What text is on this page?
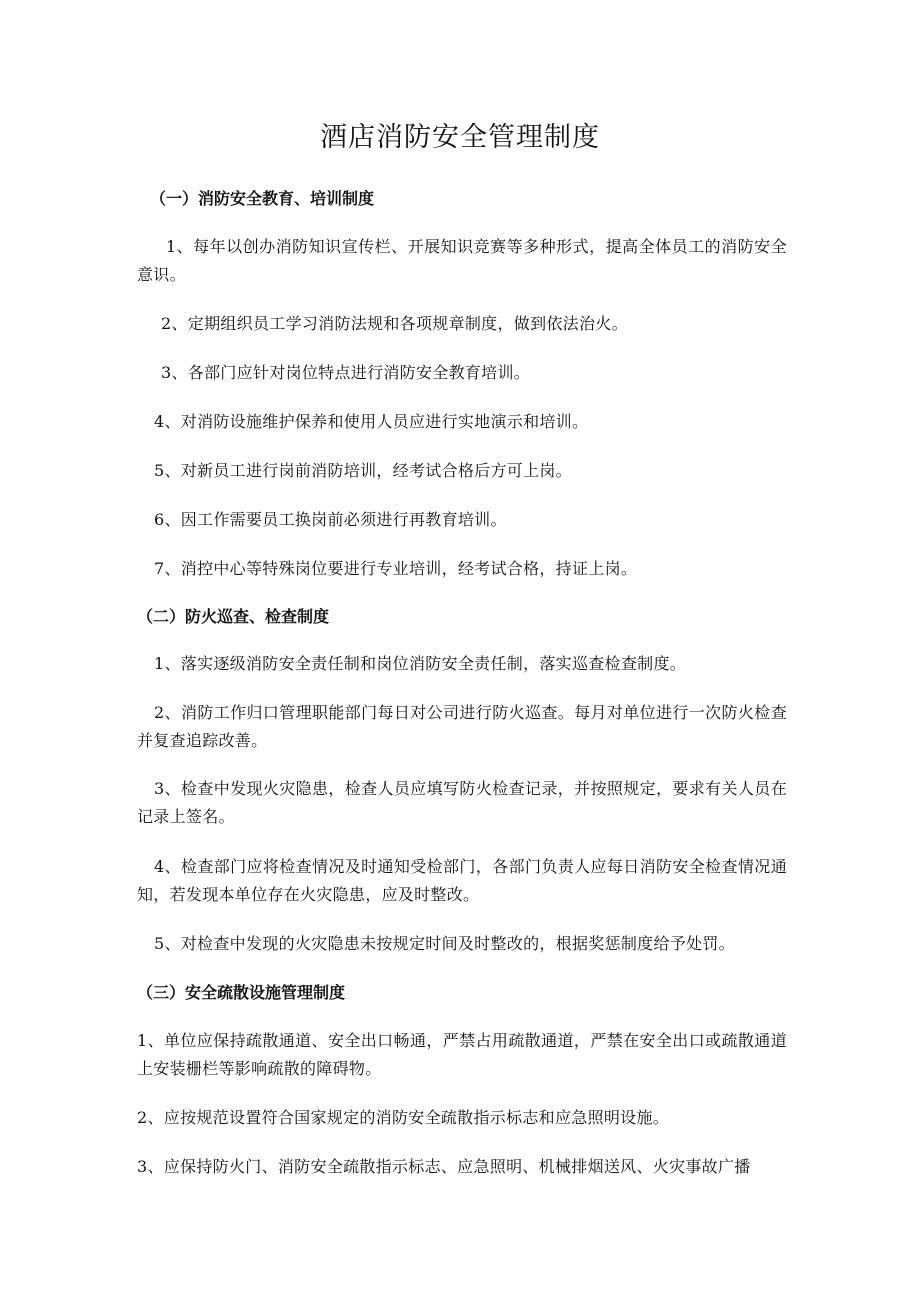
酒店消防安全管理制度
（一）消防安全教育、培训制度

1、每年以创办消防知识宣传栏、开展知识竞赛等多种形式，提高全体员工的消防安全意识。

2、定期组织员工学习消防法规和各项规章制度，做到依法治火。

3、各部门应针对岗位特点进行消防安全教育培训。

4、对消防设施维护保养和使用人员应进行实地演示和培训。

5、对新员工进行岗前消防培训，经考试合格后方可上岗。

6、因工作需要员工换岗前必须进行再教育培训。

7、消控中心等特殊岗位要进行专业培训，经考试合格，持证上岗。

（二）防火巡查、检查制度

1、落实逐级消防安全责任制和岗位消防安全责任制，落实巡查检查制度。

2、消防工作归口管理职能部门每日对公司进行防火巡查。每月对单位进行一次防火检查并复查追踪改善。

3、检查中发现火灾隐患，检查人员应填写防火检查记录，并按照规定，要求有关人员在记录上签名。

4、检查部门应将检查情况及时通知受检部门，各部门负责人应每日消防安全检查情况通知，若发现本单位存在火灾隐患，应及时整改。

5、对检查中发现的火灾隐患未按规定时间及时整改的，根据奖惩制度给予处罚。

（三）安全疏散设施管理制度

1、单位应保持疏散通道、安全出口畅通，严禁占用疏散通道，严禁在安全出口或疏散通道上安装栅栏等影响疏散的障碍物。

2、应按规范设置符合国家规定的消防安全疏散指示标志和应急照明设施。

3、应保持防火门、消防安全疏散指示标志、应急照明、机械排烟送风、火灾事故广播
